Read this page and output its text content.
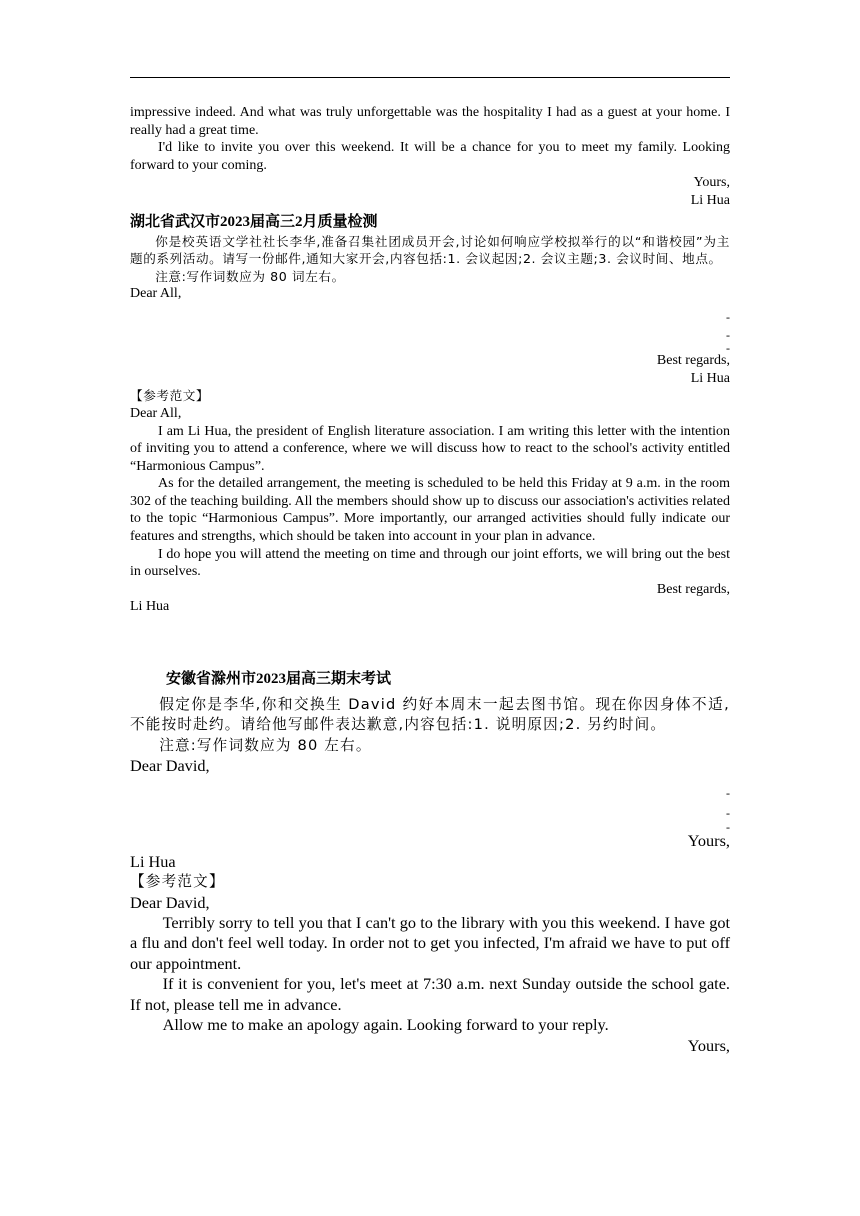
impressive indeed. And what was truly unforgettable was the hospitality I had as a guest at your home. I really had a great time.

I'd like to invite you over this weekend. It will be a chance for you to meet my family. Looking forward to your coming.

Yours,

Li Hua

湖北省武汉市2023届高三2月质量检测

你是校英语文学社社长李华,准备召集社团成员开会,讨论如何响应学校拟举行的以“和谐校园”为主题的系列活动。请写一份邮件,通知大家开会,内容包括:1. 会议起因;2. 会议主题;3. 会议时间、地点。

注意:写作词数应为 80 词左右。

Dear All,

-
-
-

Best regards,

Li Hua

【参考范文】

Dear All,

I am Li Hua, the president of English literature association. I am writing this letter with the intention of inviting you to attend a conference, where we will discuss how to react to the school's activity entitled “Harmonious Campus”.

As for the detailed arrangement, the meeting is scheduled to be held this Friday at 9 a.m. in the room 302 of the teaching building. All the members should show up to discuss our association's activities related to the topic “Harmonious Campus”. More importantly, our arranged activities should fully indicate our features and strengths, which should be taken into account in your plan in advance.

I do hope you will attend the meeting on time and through our joint efforts, we will bring out the best in ourselves.

Best regards,

Li Hua

安徽省滁州市2023届高三期末考试

假定你是李华,你和交换生 David 约好本周末一起去图书馆。现在你因身体不适,不能按时赴约。请给他写邮件表达歉意,内容包括:1. 说明原因;2. 另约时间。

注意:写作词数应为 80 左右。

Dear David,

-
-
-

Yours,

Li Hua

【参考范文】

Dear David,

Terribly sorry to tell you that I can't go to the library with you this weekend. I have got a flu and don't feel well today. In order not to get you infected, I'm afraid we have to put off our appointment.

If it is convenient for you, let's meet at 7:30 a.m. next Sunday outside the school gate. If not, please tell me in advance.

Allow me to make an apology again. Looking forward to your reply.

Yours,
